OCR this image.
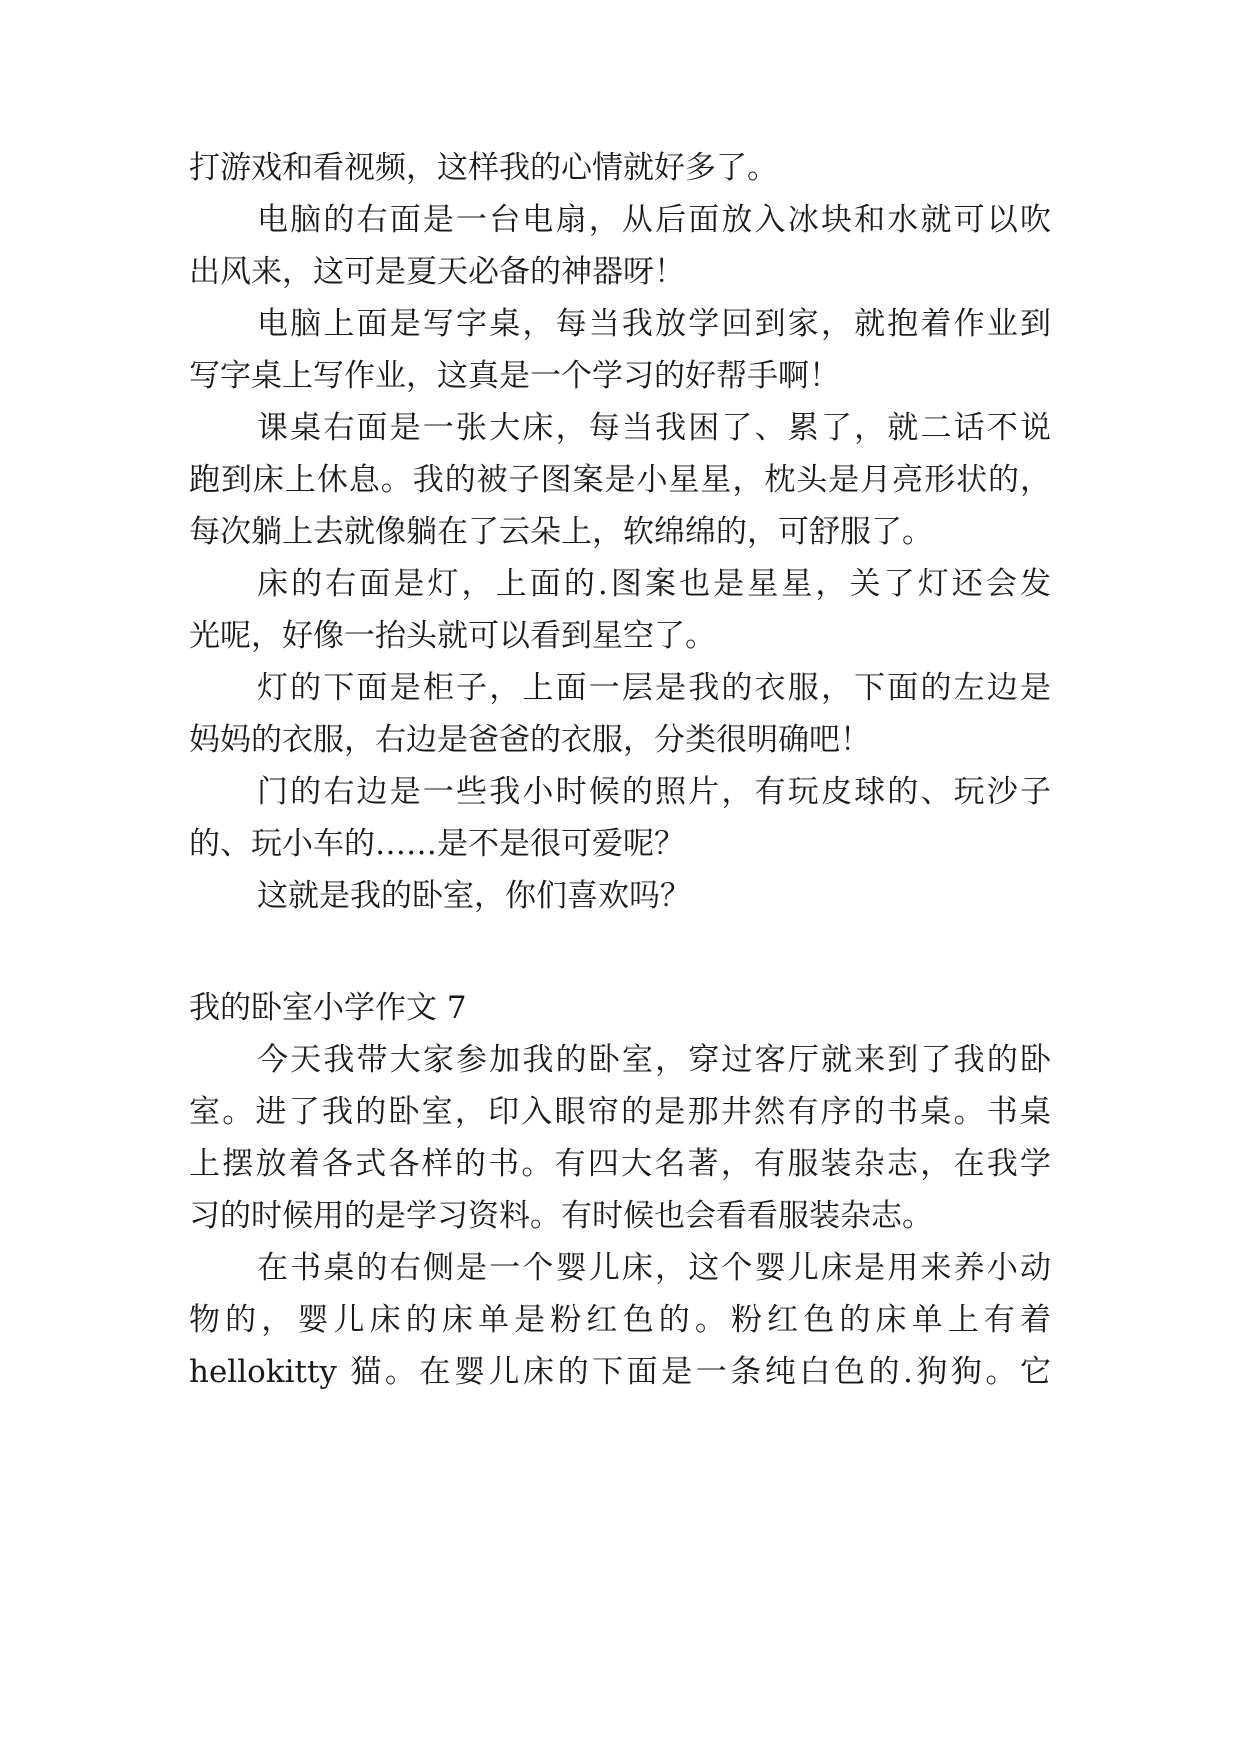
打游戏和看视频，这样我的心情就好多了。
电脑的右面是一台电扇，从后面放入冰块和水就可以吹
出风来，这可是夏天必备的神器呀！
电脑上面是写字桌，每当我放学回到家，就抱着作业到
写字桌上写作业，这真是一个学习的好帮手啊！
课桌右面是一张大床，每当我困了、累了，就二话不说
跑到床上休息。我的被子图案是小星星，枕头是月亮形状的，
每次躺上去就像躺在了云朵上，软绵绵的，可舒服了。
床的右面是灯，上面的.图案也是星星，关了灯还会发
光呢，好像一抬头就可以看到星空了。
灯的下面是柜子，上面一层是我的衣服，下面的左边是
妈妈的衣服，右边是爸爸的衣服，分类很明确吧！
门的右边是一些我小时候的照片，有玩皮球的、玩沙子
的、玩小车的……是不是很可爱呢？
这就是我的卧室，你们喜欢吗？
我的卧室小学作文 7
今天我带大家参加我的卧室，穿过客厅就来到了我的卧
室。进了我的卧室，印入眼帘的是那井然有序的书桌。书桌
上摆放着各式各样的书。有四大名著，有服装杂志，在我学
习的时候用的是学习资料。有时候也会看看服装杂志。
在书桌的右侧是一个婴儿床，这个婴儿床是用来养小动
物的，婴儿床的床单是粉红色的。粉红色的床单上有着
hellokitty 猫。在婴儿床的下面是一条纯白色的.狗狗。它
